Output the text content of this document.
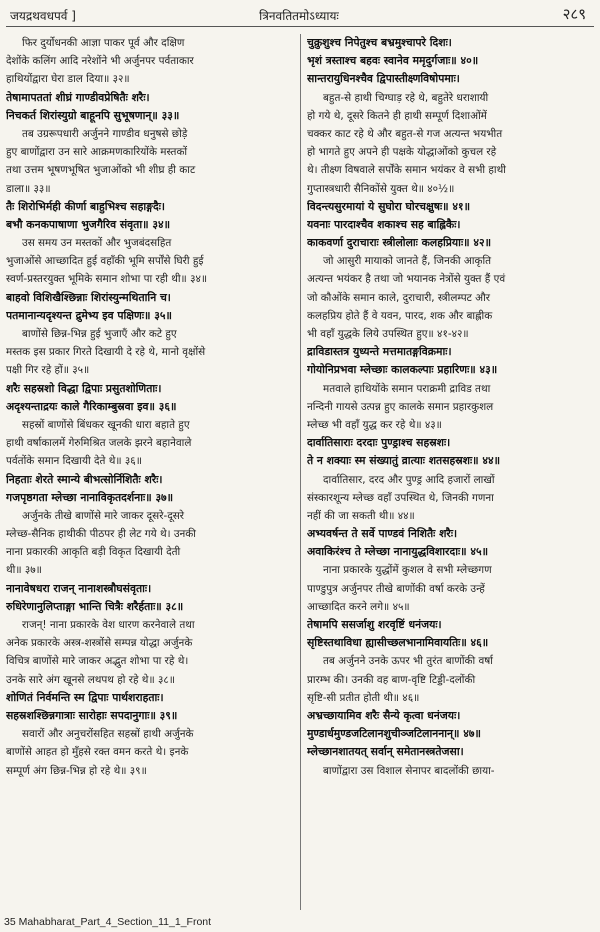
जयद्रथवधपर्व ]	त्रिनवतितमोऽध्यायः	२८९
फिर दुर्योधनकी आज्ञा पाकर पूर्व और दक्षिण
देशोंके कलिंग आदि नरेशोंने भी अर्जुनपर पर्वताकार
हाथियोंद्वारा घेरा डाल दिया॥ ३२॥
तेषामापततां शीघ्रं गाण्डीवप्रेषितैः शरैः।
निचकर्त शिरांस्युग्रो बाहूनपि सुभूषणान्॥ ३३॥
तब उग्ररूपधारी अर्जुनने गाण्डीव धनुषसे छोड़े
हुए बाणोंद्वारा उन सारे आक्रमणकारियोंके मस्तकों
तथा उत्तम भूषणभूषित भुजाओंको भी शीघ्र ही काट
डाला॥ ३३॥
तैः शिरोभिर्मही कीर्णा बाहुभिश्च सहाङ्गदैः।
बभौ कनकपाषाणा भुजगैरिव संवृता॥ ३४॥
उस समय उन मस्तकों और भुजबंदसहित
भुजाओंसे आच्छादित हुई वहाँकी भूमि सर्पोंसे घिरी हुई
स्वर्ण-प्रस्तरयुक्त भूमिके समान शोभा पा रही थी॥ ३४॥
बाहवो विशिखैश्छिन्नाः शिरांस्युन्मथितानि च।
पतमानान्यदृश्यन्त द्रुमेभ्य इव पक्षिणः॥ ३५॥
बाणोंसे छिन्न-भिन्न हुई भुजाएँ और कटे हुए
मस्तक इस प्रकार गिरते दिखायी दे रहे थे, मानो वृक्षोंसे
पक्षी गिर रहे हों॥ ३५॥
शरैः सहस्रशो विद्धा द्विपाः प्रसुतशोणिताः।
अदृश्यन्ताद्रयः काले गैरिकाम्बुस्रवा इव॥ ३६॥
सहस्रों बाणोंसे बिंधकर खूनकी धारा बहाते हुए
हाथी वर्षाकालमें गेरुमिश्रित जलके झरने बहानेवाले
पर्वतोंके समान दिखायी देते थे॥ ३६॥
निहताः शेरते स्मान्ये बीभत्सोर्निशितैः शरैः।
गजपृष्ठगता म्लेच्छा नानाविकृतदर्शनाः॥ ३७॥
अर्जुनके तीखे बाणोंसे मारे जाकर दूसरे-दूसरे
म्लेच्छ-सैनिक हाथीकी पीठपर ही लेट गये थे। उनकी
नाना प्रकारकी आकृति बड़ी विकृत दिखायी देती
थी॥ ३७॥
नानावेषधरा राजन् नानाशस्त्रौघसंवृताः।
रुधिरेणानुलिप्ताङ्गा भान्ति चित्रैः शरैर्हताः॥ ३८॥
राजन्! नाना प्रकारके वेश धारण करनेवाले तथा
अनेक प्रकारके अस्त्र-शस्त्रोंसे सम्पन्न योद्धा अर्जुनके
विचित्र बाणोंसे मारे जाकर अद्भुत शोभा पा रहे थे।
उनके सारे अंग खूनसे लथपथ हो रहे थे॥ ३८॥
शोणितं निर्वमन्ति स्म द्विपाः पार्थशराहताः।
सहस्रशश्छिन्नगात्राः सारोहाः सपदानुगाः॥ ३९॥
सवारों और अनुचरोंसहित सहस्रों हाथी अर्जुनके
बाणोंसे आहत हो मुँहसे रक्त वमन करते थे। इनके
सम्पूर्ण अंग छिन्न-भिन्न हो रहे थे॥ ३९॥
चुक्रुशुश्च निपेतुश्च बभ्रमुश्चापरे दिशः।
भृशं त्रस्ताश्च बहवः स्वानेव ममृदुर्गजाः॥ ४०॥
सान्तरायुधिनश्चैव द्विपास्तीक्ष्णविषोपमाः।
बहुत-से हाथी चिग्घाड़ रहे थे, बहुतेरे धराशायी
हो गये थे, दूसरे कितने ही हाथी सम्पूर्ण दिशाओंमें
चक्कर काट रहे थे और बहुत-से गज अत्यन्त भयभीत
हो भागते हुए अपने ही पक्षके योद्धाओंको कुचल रहे
थे। तीक्ष्ण विषवाले सर्पोंके समान भयंकर वे सभी हाथी
गुप्तास्त्रधारी सैनिकोंसे युक्त थे॥ ४०½॥
विदन्त्यसुरमायां ये सुघोरा घोरचक्षुषः॥ ४१॥
यवनाः पारदाश्चैव शकाश्च सह बाह्लिकैः।
काकवर्णा दुराचाराः स्त्रीलोलाः कलहप्रियाः॥ ४२॥
जो आसुरी मायाको जानते हैं, जिनकी आकृति
अत्यन्त भयंकर है तथा जो भयानक नेत्रोंसे युक्त हैं एवं
जो कौओंके समान काले, दुराचारी, स्त्रीलम्पट और
कलहप्रिय होते हैं वे यवन, पारद, शक और बाह्लीक
भी वहाँ युद्धके लिये उपस्थित हुए॥ ४१-४२॥
द्राविडास्तत्र युध्यन्ते मत्तमातङ्गविक्रमाः।
गोयोनिप्रभवा म्लेच्छाः कालकल्पाः प्रहारिणः॥ ४३॥
मतवाले हाथियोंके समान पराक्रमी द्राविड तथा
नन्दिनी गायसे उत्पन्न हुए कालके समान प्रहारकुशल
म्लेच्छ भी वहाँ युद्ध कर रहे थे॥ ४३॥
दार्वातिसाराः दरदाः पुण्ड्राश्च सहस्रशः।
ते न शक्याः स्म संख्यातुं व्रात्याः शतसहस्रशः॥ ४४॥
दार्वातिसार, दरद और पुण्ड्र आदि हजारों लाखों
संस्कारशून्य म्लेच्छ वहाँ उपस्थित थे, जिनकी गणना
नहीं की जा सकती थी॥ ४४॥
अभ्यवर्षन्त ते सर्वे पाण्डवं निशितैः शरैः।
अवाकिरंश्च ते म्लेच्छा नानायुद्धविशारदाः॥ ४५॥
नाना प्रकारके युद्धोंमें कुशल वे सभी म्लेच्छगण
पाण्डुपुत्र अर्जुनपर तीखे बाणोंकी वर्षा करके उन्हें
आच्छादित करने लगे॥ ४५॥
तेषामपि ससर्जाशु शरवृष्टिं धनंजयः।
सृष्टिस्तथाविधा ह्यासीच्छलभानामिवायतिः॥ ४६॥
तब अर्जुनने उनके ऊपर भी तुरंत बाणोंकी वर्षा
प्रारम्भ की। उनकी वह बाण-वृष्टि टिड्डी-दलोंकी
सृष्टि-सी प्रतीत होती थी॥ ४६॥
अभ्रच्छायामिव शरैः सैन्ये कृत्वा धनंजयः।
मुण्डार्धमुण्डजटिलानशुचीञ्जटिलाननान्॥ ४७॥
म्लेच्छानशातयत् सर्वान् समेतानस्त्रतेजसा।
बाणोंद्वारा उस विशाल सेनापर बादलोंकी छाया-
35 Mahabharat_Part_4_Section_11_1_Front
